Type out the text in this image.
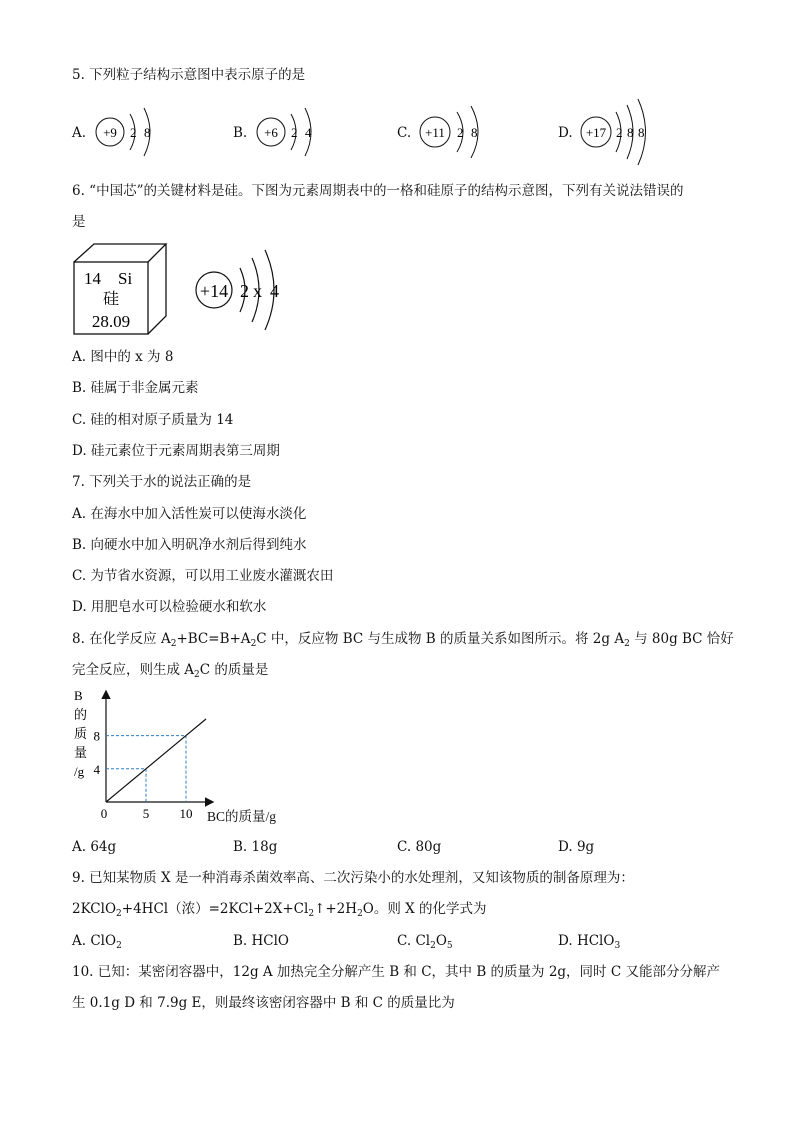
5. 下列粒子结构示意图中表示原子的是
A. +9 2 8	B. +6 2 4	C. +11 2 8	D. +17 2 8 8
6. “中国芯”的关键材料是硅。下图为元素周期表中的一格和硅原子的结构示意图，下列有关说法错误的
是
14 Si
硅
28.09
+14 2 x 4
A. 图中的 x 为 8
B. 硅属于非金属元素
C. 硅的相对原子质量为 14
D. 硅元素位于元素周期表第三周期
7. 下列关于水的说法正确的是
A. 在海水中加入活性炭可以使海水淡化
B. 向硬水中加入明矾净水剂后得到纯水
C. 为节省水资源，可以用工业废水灌溉农田
D. 用肥皂水可以检验硬水和软水
8. 在化学反应 $A_2+BC=B+A_2C$ 中，反应物 BC 与生成物 B 的质量关系如图所示。将 2g $A_2$ 与 80g BC 恰好
完全反应，则生成 $A_2C$ 的质量是
B
的
质
量
/g
0	5 10
4
8
BC的质量/g
A. 64g	B. 18g	C. 80g	D. 9g
9. 已知某物质 X 是一种消毒杀菌效率高、二次污染小的水处理剂，又知该物质的制备原理为：
2KClO$_2$+4HCl（浓）$=2KCl+2X+Cl_2↑+2H_2O$。则 X 的化学式为
A. ClO$_2$	B. HClO	C. $Cl_2O_5$	D. HClO$_3$
10. 已知：某密闭容器中，12g A 加热完全分解产生 B 和 C，其中 B 的质量为 2g，同时 C 又能部分分解产
生 0.1g D 和 7.9g E，则最终该密闭容器中 B 和 C 的质量比为
